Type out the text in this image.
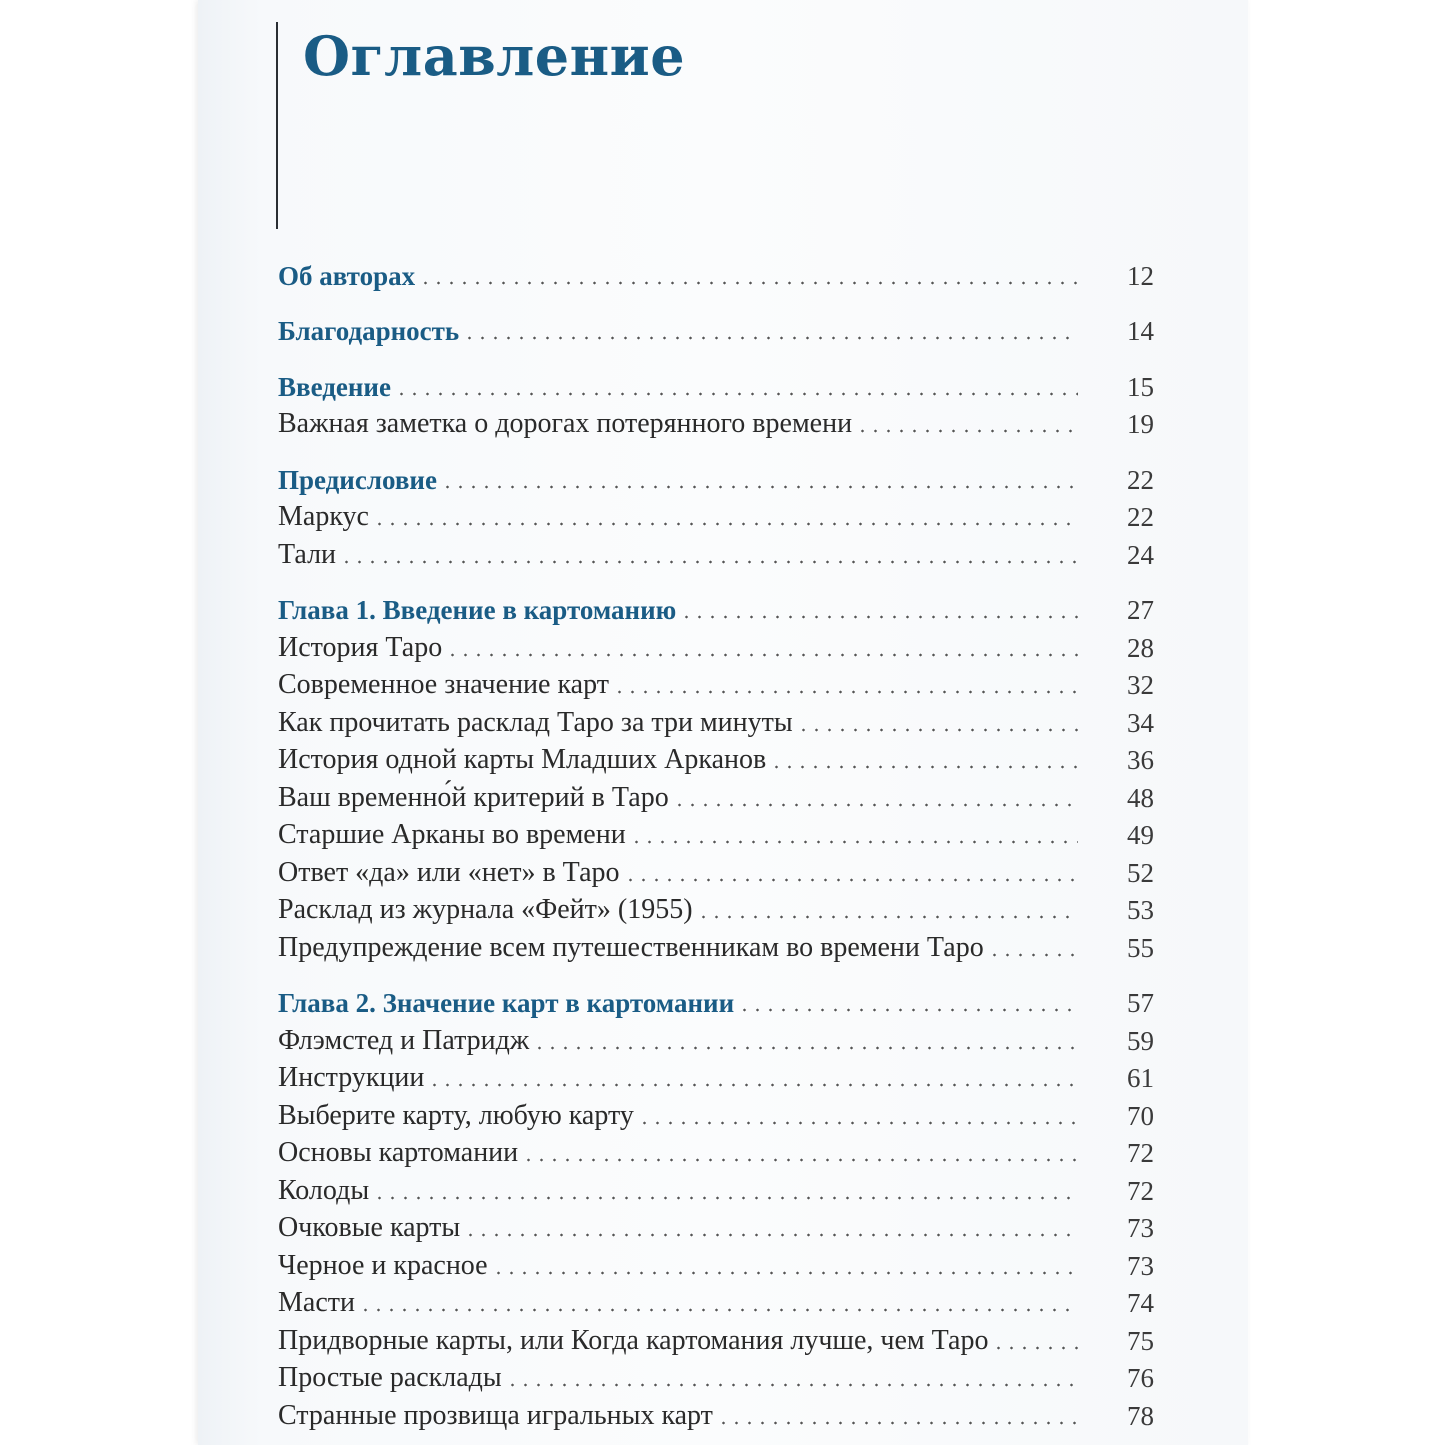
Оглавление
Об авторах	12
Благодарность	14
Введение	15
Важная заметка о дорогах потерянного времени	19
Предисловие	22
Маркус	22
Тали	24
Глава 1. Введение в картоманию	27
История Таро	28
Современное значение карт	32
Как прочитать расклад Таро за три минуты	34
История одной карты Младших Арканов	36
Ваш временно́й критерий в Таро	48
Старшие Арканы во времени	49
Ответ «да» или «нет» в Таро	52
Расклад из журнала «Фейт» (1955)	53
Предупреждение всем путешественникам во времени Таро	55
Глава 2. Значение карт в картомании	57
Флэмстед и Патридж	59
Инструкции	61
Выберите карту, любую карту	70
Основы картомании	72
Колоды	72
Очковые карты	73
Черное и красное	73
Масти	74
Придворные карты, или Когда картомания лучше, чем Таро	75
Простые расклады	76
Странные прозвища игральных карт	78
